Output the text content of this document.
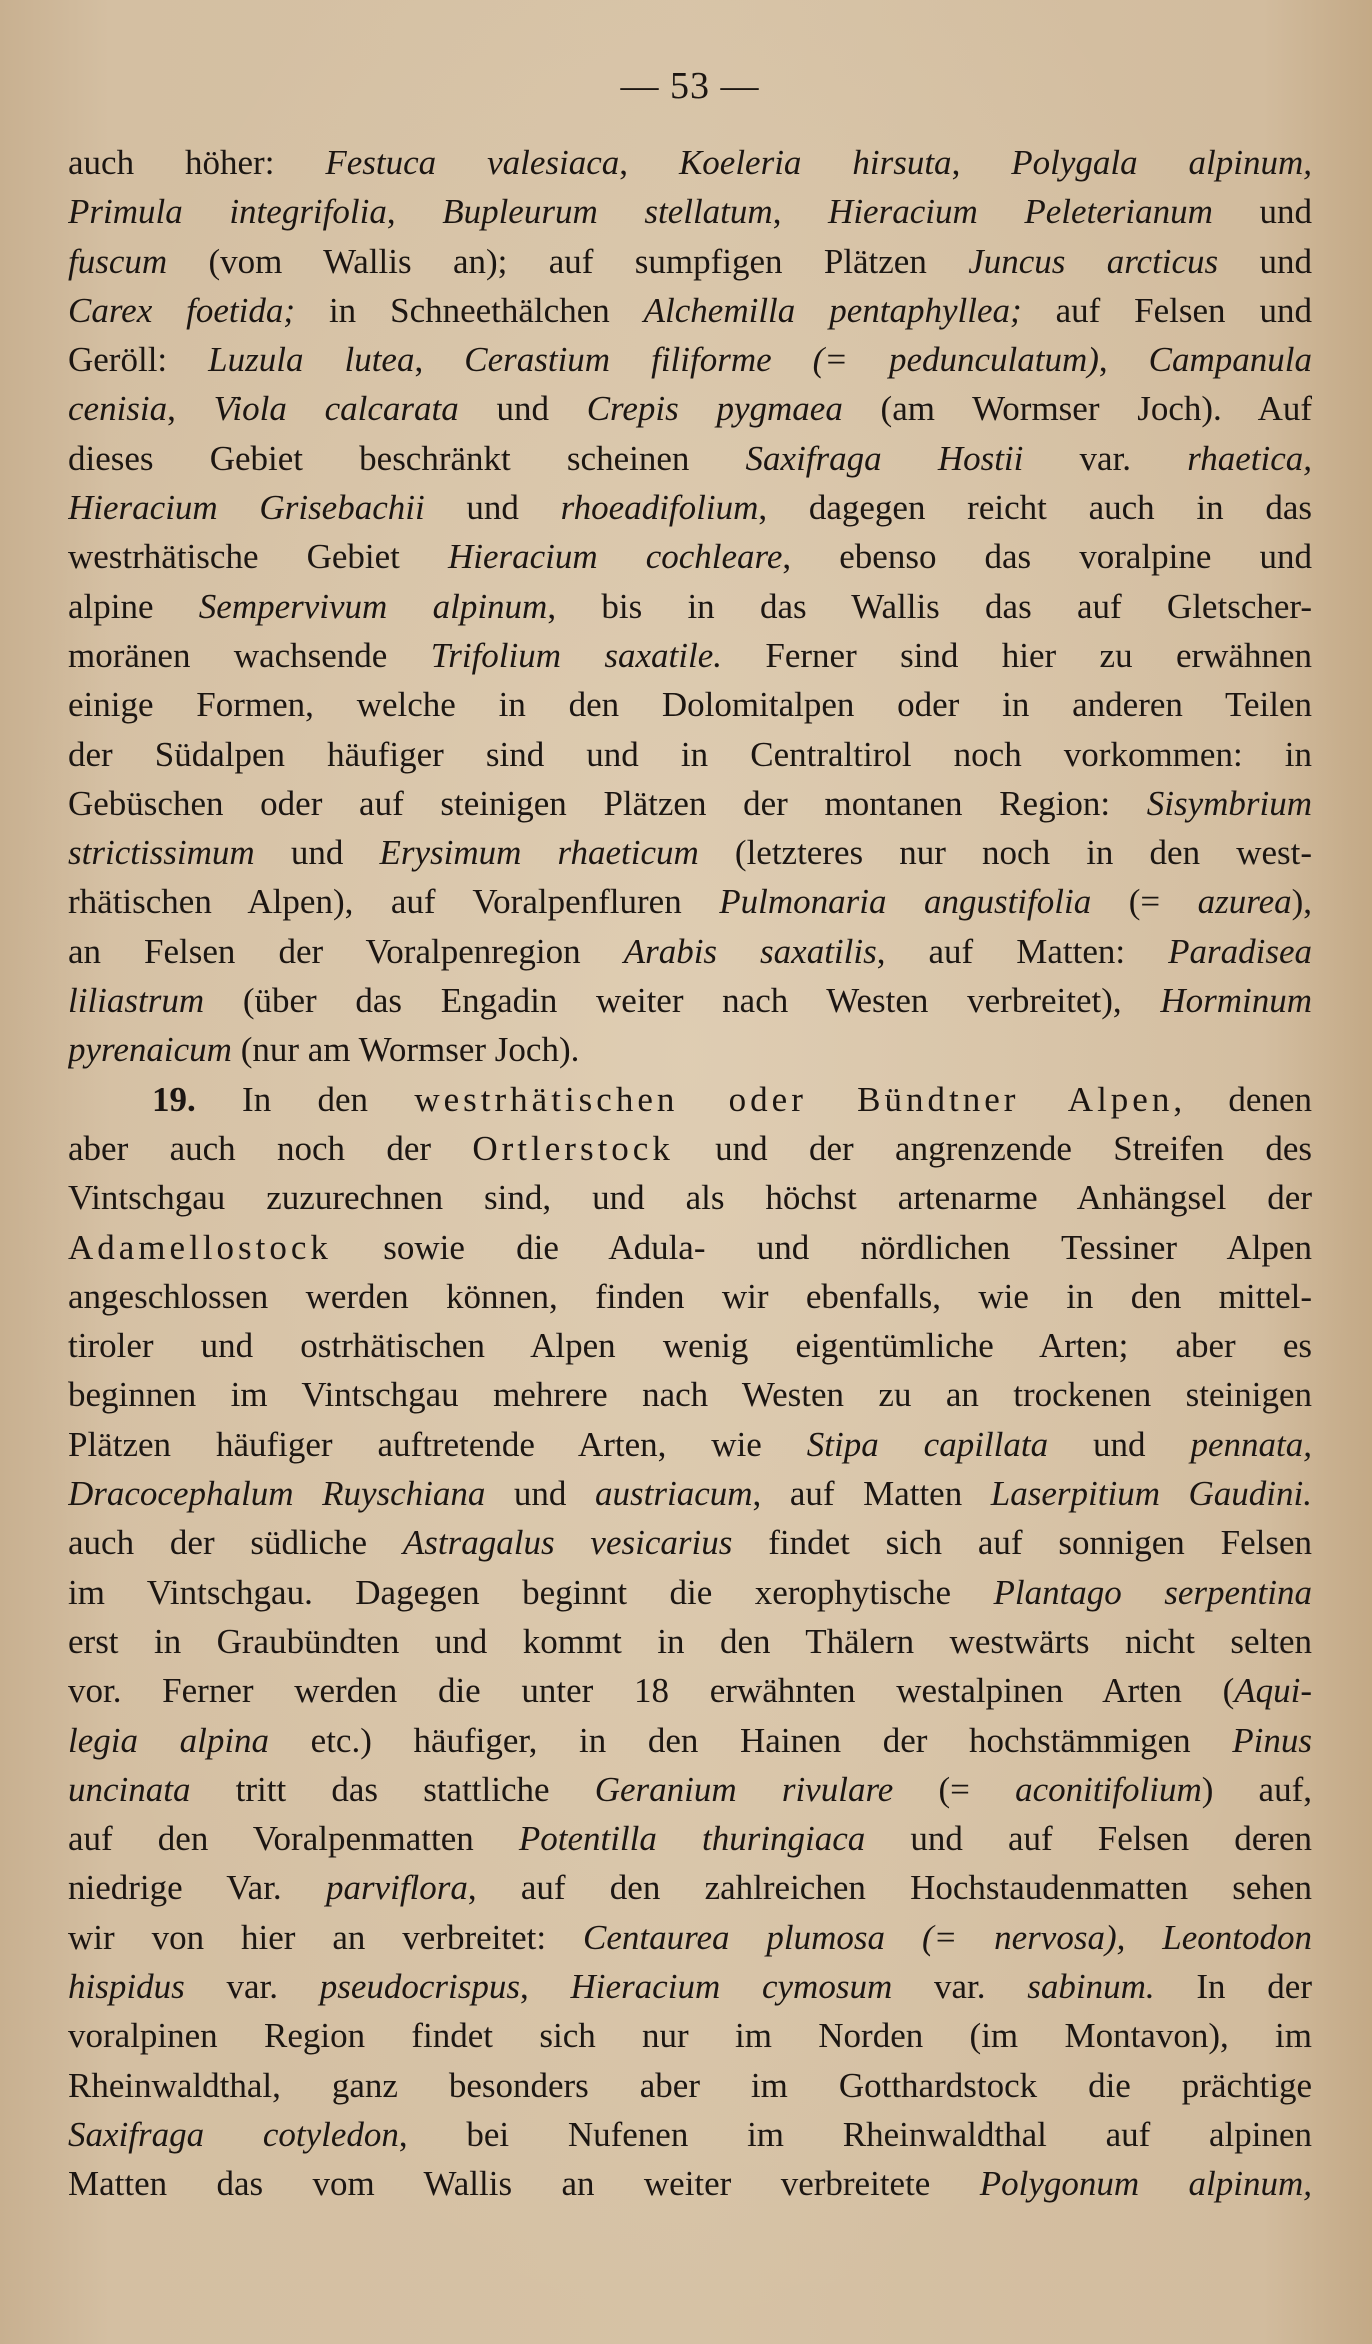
— 53 —
auch höher: Festuca valesiaca, Koeleria hirsuta, Polygala alpinum,
Primula integrifolia, Bupleurum stellatum, Hieracium Peleterianum und
fuscum (vom Wallis an); auf sumpfigen Plätzen Juncus arcticus und
Carex foetida; in Schneethälchen Alchemilla pentaphyllea; auf Felsen und
Geröll: Luzula lutea, Cerastium filiforme (= pedunculatum), Campanula
cenisia, Viola calcarata und Crepis pygmaea (am Wormser Joch). Auf
dieses Gebiet beschränkt scheinen Saxifraga Hostii var. rhaetica,
Hieracium Grisebachii und rhoeadifolium, dagegen reicht auch in das
westrhätische Gebiet Hieracium cochleare, ebenso das voralpine und
alpine Sempervivum alpinum, bis in das Wallis das auf Gletscher-
moränen wachsende Trifolium saxatile. Ferner sind hier zu erwähnen
einige Formen, welche in den Dolomitalpen oder in anderen Teilen
der Südalpen häufiger sind und in Centraltirol noch vorkommen: in
Gebüschen oder auf steinigen Plätzen der montanen Region: Sisymbrium
strictissimum und Erysimum rhaeticum (letzteres nur noch in den west-
rhätischen Alpen), auf Voralpenfluren Pulmonaria angustifolia (= azurea),
an Felsen der Voralpenregion Arabis saxatilis, auf Matten: Paradisea
liliastrum (über das Engadin weiter nach Westen verbreitet), Horminum
pyrenaicum (nur am Wormser Joch).
19. In den westrhätischen oder Bündtner Alpen, denen
aber auch noch der Ortlerstock und der angrenzende Streifen des
Vintschgau zuzurechnen sind, und als höchst artenarme Anhängsel der
Adamellostock sowie die Adula- und nördlichen Tessiner Alpen
angeschlossen werden können, finden wir ebenfalls, wie in den mittel-
tiroler und ostrhätischen Alpen wenig eigentümliche Arten; aber es
beginnen im Vintschgau mehrere nach Westen zu an trockenen steinigen
Plätzen häufiger auftretende Arten, wie Stipa capillata und pennata,
Dracocephalum Ruyschiana und austriacum, auf Matten Laserpitium Gaudini.
auch der südliche Astragalus vesicarius findet sich auf sonnigen Felsen
im Vintschgau. Dagegen beginnt die xerophytische Plantago serpentina
erst in Graubündten und kommt in den Thälern westwärts nicht selten
vor. Ferner werden die unter 18 erwähnten westalpinen Arten (Aqui-
legia alpina etc.) häufiger, in den Hainen der hochstämmigen Pinus
uncinata tritt das stattliche Geranium rivulare (= aconitifolium) auf,
auf den Voralpenmatten Potentilla thuringiaca und auf Felsen deren
niedrige Var. parviflora, auf den zahlreichen Hochstaudenmatten sehen
wir von hier an verbreitet: Centaurea plumosa (= nervosa), Leontodon
hispidus var. pseudocrispus, Hieracium cymosum var. sabinum. In der
voralpinen Region findet sich nur im Norden (im Montavon), im
Rheinwaldthal, ganz besonders aber im Gotthardstock die prächtige
Saxifraga cotyledon, bei Nufenen im Rheinwaldthal auf alpinen
Matten das vom Wallis an weiter verbreitete Polygonum alpinum,
